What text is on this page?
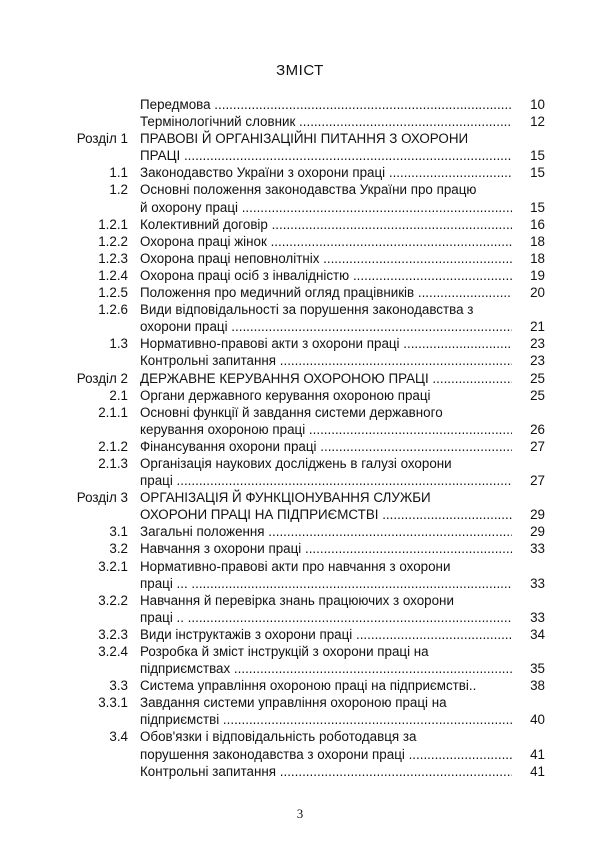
ЗМІСТ
Передмова .....	10
Термінологічний словник .....	12
Розділ 1 ПРАВОВІ Й ОРГАНІЗАЦІЙНІ ПИТАННЯ З ОХОРОНИ
ПРАЦІ .....	15
1.1 Законодавство України з охорони праці .....	15
1.2 Основні положення законодавства України про працю
й охорону праці .....	15
1.2.1 Колективний договір .....	16
1.2.2 Охорона праці жінок .....	18
1.2.3 Охорона праці неповнолітніх .....	18
1.2.4 Охорона праці осіб з інвалідністю .....	19
1.2.5 Положення про медичний огляд працівників .....	20
1.2.6 Види відповідальності за порушення законодавства з
охорони праці .....	21
1.3 Нормативно-правові акти з охорони праці .....	23
Контрольні запитання .....	23
Розділ 2 ДЕРЖАВНЕ КЕРУВАННЯ ОХОРОНОЮ ПРАЦІ .....	25
2.1 Органи державного керування охороною праці	25
2.1.1 Основні функції й завдання системи державного
керування охороною праці .....	26
2.1.2 Фінансування охорони праці .....	27
2.1.3 Організація наукових досліджень в галузі охорони
праці .....	27
Розділ 3 ОРГАНІЗАЦІЯ Й ФУНКЦІОНУВАННЯ СЛУЖБИ
ОХОРОНИ ПРАЦІ НА ПІДПРИЄМСТВІ .....	29
3.1 Загальні положення .....	29
3.2 Навчання з охорони праці .....	33
3.2.1 Нормативно-правові акти про навчання з охорони
праці ... .....	33
3.2.2 Навчання й перевірка знань працюючих з охорони
праці .. .....	33
3.2.3 Види інструктажів з охорони праці .....	34
3.2.4 Розробка й зміст інструкцій з охорони праці на
підприємствах .....	35
3.3 Система управління охороною праці на підприємстві..	38
3.3.1 Завдання системи управління охороною праці на
підприємстві .....	40
3.4 Обов'язки і відповідальність роботодавця за
порушення законодавства з охорони праці .....	41
Контрольні запитання .....	41
3
